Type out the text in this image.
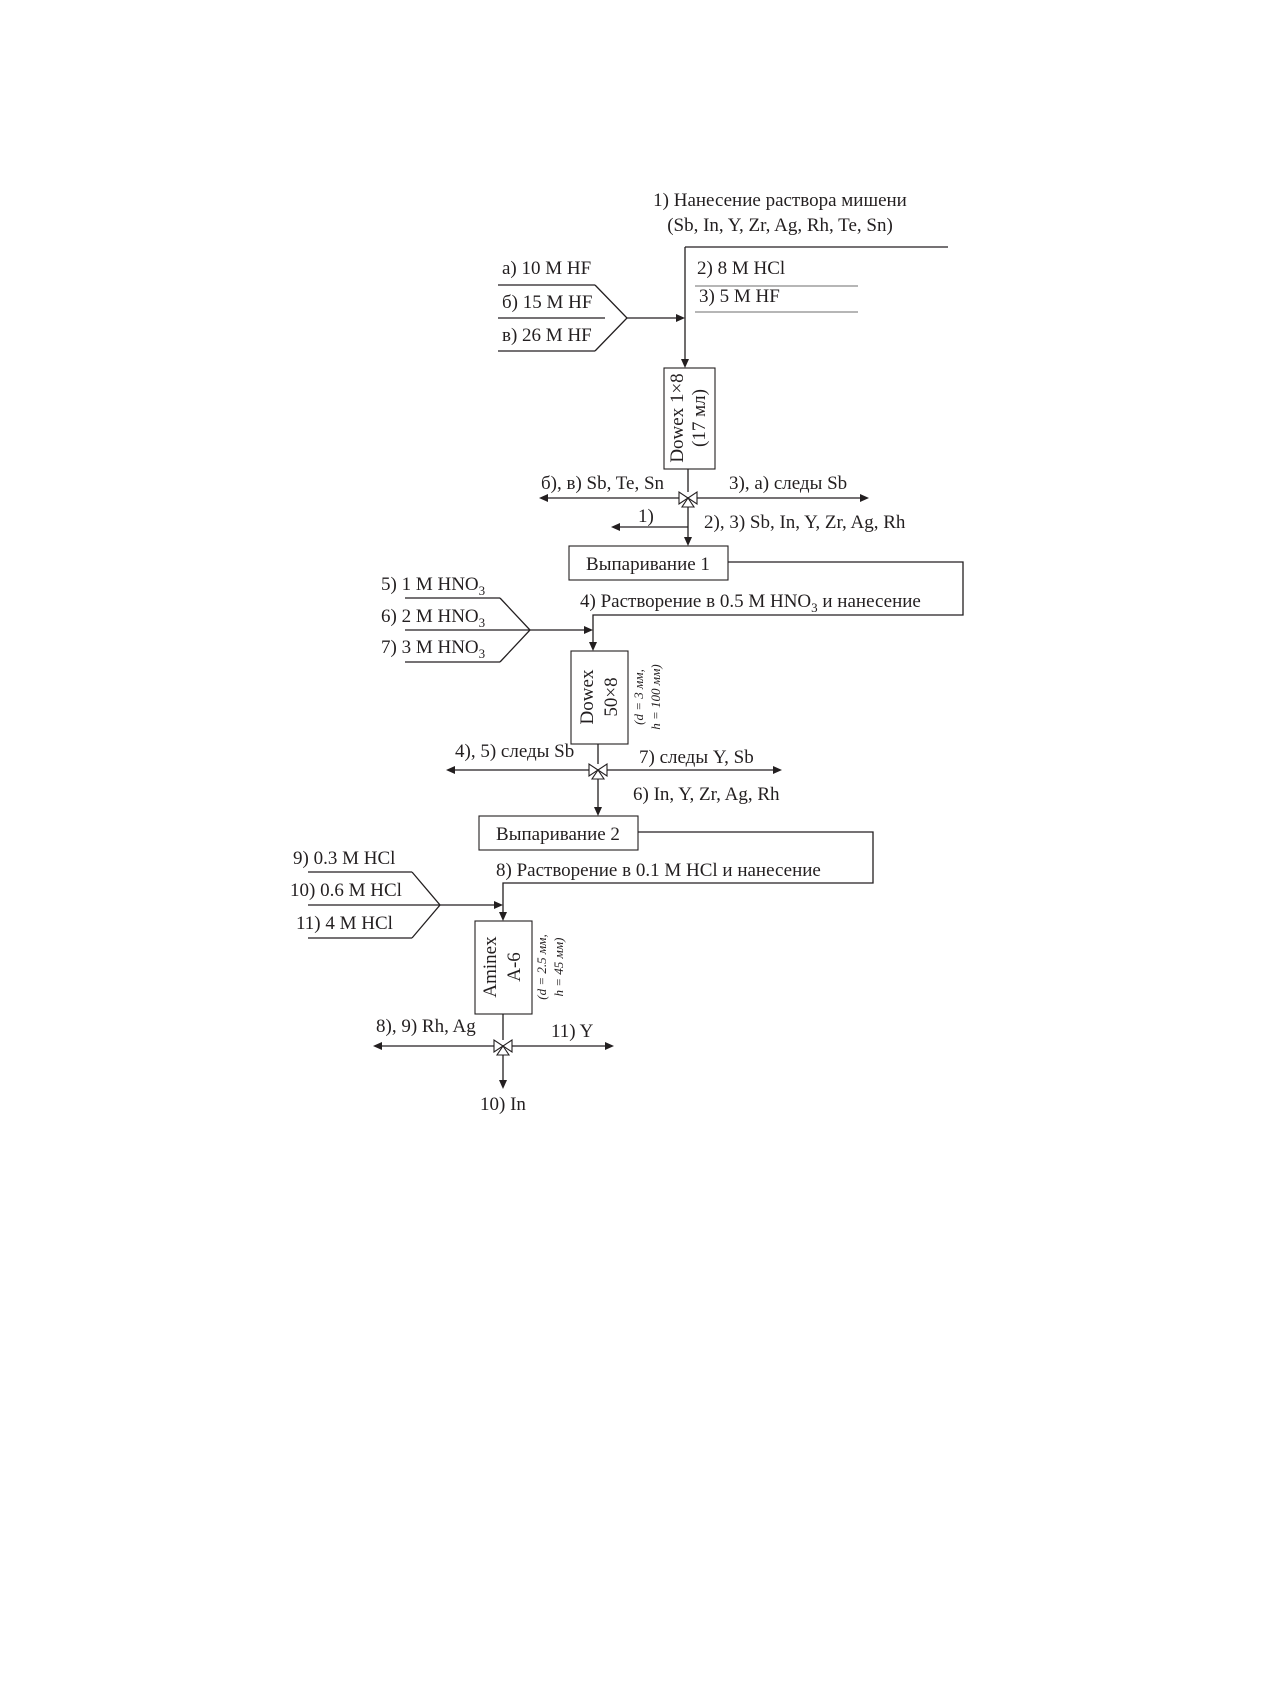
1) Нанесение раствора мишени
(Sb, In, Y, Zr, Ag, Rh, Te, Sn)
2) 8 M HCl
3) 5 M HF
а) 10 M HF
б) 15 M HF
в) 26 M HF
Dowex 1×8 (17 мл)
б), в) Sb, Te, Sn	3), а) следы Sb
1)	2), 3) Sb, In, Y, Zr, Ag, Rh
Выпаривание 1
4) Растворение в 0.5 M $HNO_3$ и нанесение
5) 1 M $HNO_3$
6) 2 M $HNO_3$
7) 3 M $HNO_3$
Dowex 50×8 (d = 3 мм, h = 100 мм)
4), 5) следы Sb	7) следы Y, Sb
6) In, Y, Zr, Ag, Rh
Выпаривание 2
8) Растворение в 0.1 M HCl и нанесение
9) 0.3 M HCl
10) 0.6 M HCl
11) 4 M HCl
Aminex A-6 (d = 2.5 мм, h = 45 мм)
8), 9) Rh, Ag	11) Y
10) In
